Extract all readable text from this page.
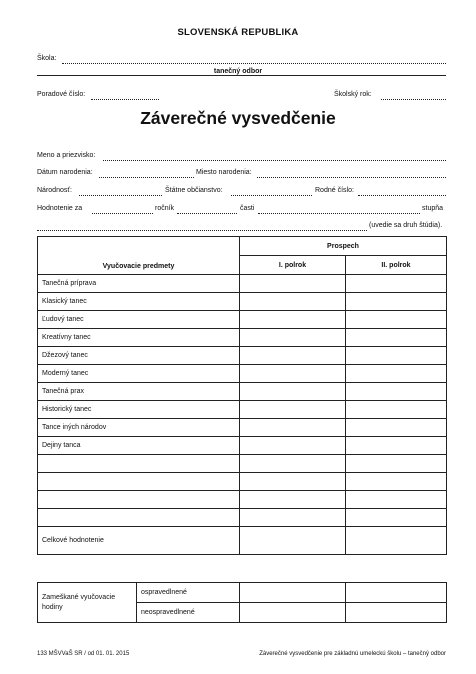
SLOVENSKÁ REPUBLIKA
Škola:
tanečný odbor
Poradové číslo:	Školský rok:
Záverečné vysvedčenie
Meno a priezvisko:
Dátum narodenia:	Miesto narodenia:
Národnosť:	Štátne občianstvo:	Rodné číslo:
Hodnotenie za	ročník	časti	stupňa
(uvedie sa druh štúdia).
Vyučovacie predmety	Prospech	
	I. polrok	II. polrok
Tanečná príprava		
Klasický tanec		
Ľudový tanec		
Kreatívny tanec		
Džezový tanec		
Moderný tanec		
Tanečná prax		
Historický tanec		
Tance iných národov		
Dejiny tanca		

Celkové hodnotenie		
Zameškané vyučovacie hodiny	ospravedlnené		
	neospravedlnené		
133 MŠVVaŠ SR / od 01. 01. 2015	Záverečné vysvedčenie pre základnú umeleckú školu – tanečný odbor
